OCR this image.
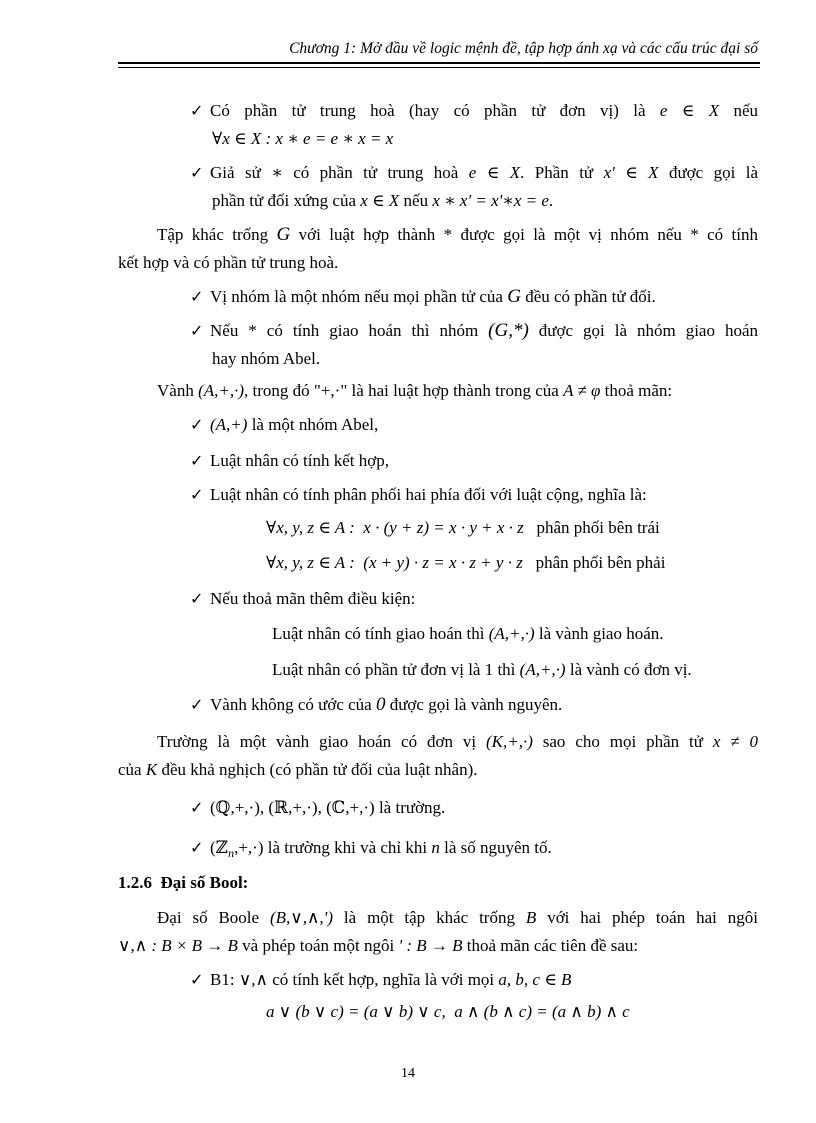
Chương 1: Mở đầu về logic mệnh đề, tập hợp ánh xạ và các cấu trúc đại số
✓ Có phần tử trung hoà (hay có phần tử đơn vị) là e ∈ X nếu
∀x ∈ X : x ∗ e = e ∗ x = x
✓ Giả sử ∗ có phần tử trung hoà e ∈ X. Phần tử x' ∈ X được gọi là
phần tử đối xứng của x ∈ X nếu x ∗ x' = x'∗x = e.
Tập khác trống G với luật hợp thành * được gọi là một vị nhóm nếu * có tính
kết hợp và có phần tử trung hoà.
✓ Vị nhóm là một nhóm nếu mọi phần tử của G đều có phần tử đối.
✓ Nếu * có tính giao hoán thì nhóm (G,*) được gọi là nhóm giao hoán
hay nhóm Abel.
Vành (A,+,·), trong đó "+,·" là hai luật hợp thành trong của A ≠ φ thoả mãn:
✓ (A,+) là một nhóm Abel,
✓ Luật nhân có tính kết hợp,
✓ Luật nhân có tính phân phối hai phía đối với luật cộng, nghĩa là:
∀x, y, z ∈ A : x · (y + z) = x · y + x · z phân phối bên trái
∀x, y, z ∈ A : (x + y) · z = x · z + y · z phân phối bên phải
✓ Nếu thoả mãn thêm điều kiện:
Luật nhân có tính giao hoán thì (A,+,·) là vành giao hoán.
Luật nhân có phần tử đơn vị là 1 thì (A,+,·) là vành có đơn vị.
✓ Vành không có ước của 0 được gọi là vành nguyên.
Trường là một vành giao hoán có đơn vị (K,+,·) sao cho mọi phần tử x ≠ 0
của K đều khả nghịch (có phần tử đối của luật nhân).
✓ (ℚ,+,·), (ℝ,+,·), (ℂ,+,·) là trường.
✓ (ℤ$_n$,+,·) là trường khi và chỉ khi n là số nguyên tố.
1.2.6 Đại số Bool:
Đại số Boole (B,∨,∧,') là một tập khác trống B với hai phép toán hai ngôi
∨,∧ : B × B → B và phép toán một ngôi ' : B → B thoả mãn các tiên đề sau:
✓ B1: ∨,∧ có tính kết hợp, nghĩa là với mọi a, b, c ∈ B
a ∨ (b ∨ c) = (a ∨ b) ∨ c, a ∧ (b ∧ c) = (a ∧ b) ∧ c
14
